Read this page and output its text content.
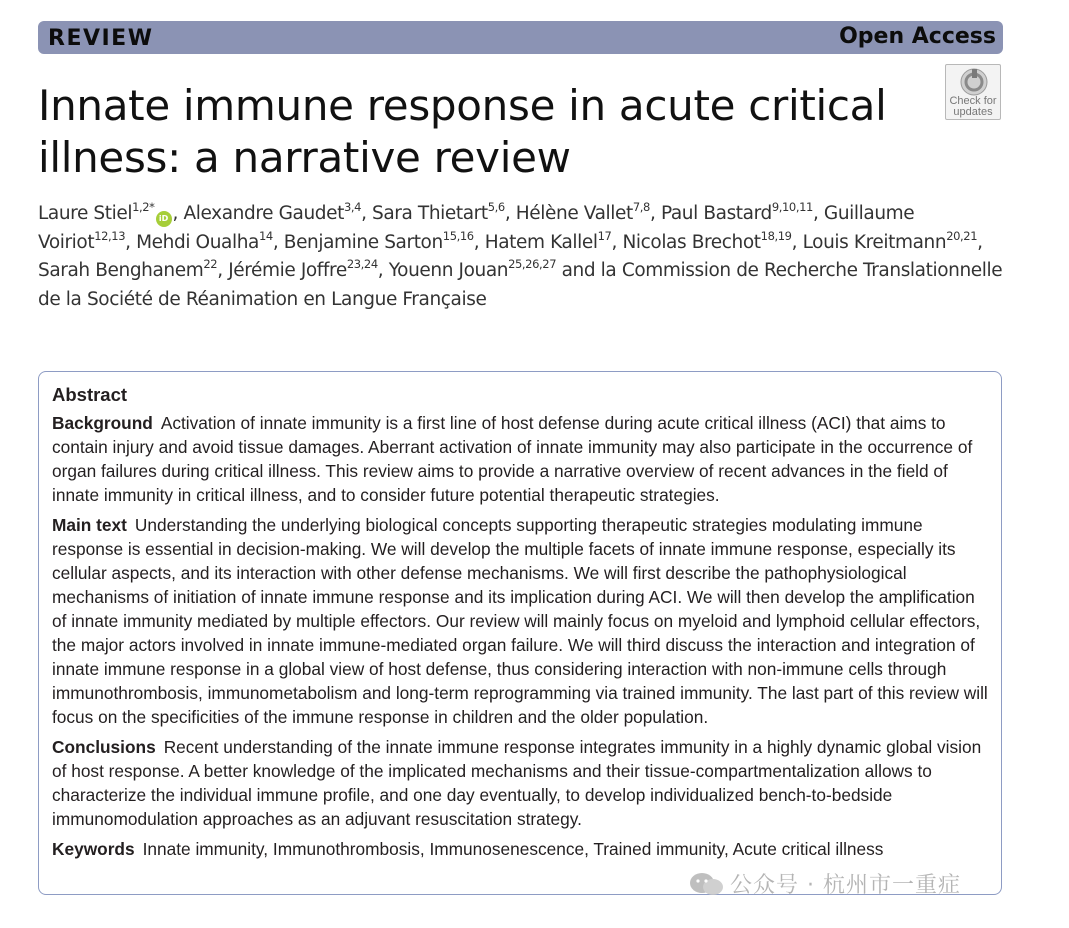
REVIEW	Open Access
Check for
updates
Innate immune response in acute critical
illness: a narrative review
Laure Stiel$^{1,2*}$iD , Alexandre Gaudet$^{3,4}$, Sara Thietart$^{5,6}$, Hélène Vallet$^{7,8}$, Paul Bastard$^{9,10,11}$, Guillaume Voiriot$^{12,13}$, Mehdi Oualha$^{14}$, Benjamine Sarton$^{15,16}$, Hatem Kallel$^{17}$, Nicolas Brechot$^{18,19}$, Louis Kreitmann$^{20,21}$, Sarah Benghanem$^{22}$, Jérémie Joffre$^{23,24}$, Youenn Jouan$^{25,26,27}$ and la Commission de Recherche Translationnelle de la Société de Réanimation en Langue Française
Abstract

Background Activation of innate immunity is a first line of host defense during acute critical illness (ACI) that aims to contain injury and avoid tissue damages. Aberrant activation of innate immunity may also participate in the occurrence of organ failures during critical illness. This review aims to provide a narrative overview of recent advances in the field of innate immunity in critical illness, and to consider future potential therapeutic strategies.

Main text Understanding the underlying biological concepts supporting therapeutic strategies modulating immune response is essential in decision-making. We will develop the multiple facets of innate immune response, especially its cellular aspects, and its interaction with other defense mechanisms. We will first describe the pathophysiological mechanisms of initiation of innate immune response and its implication during ACI. We will then develop the amplification of innate immunity mediated by multiple effectors. Our review will mainly focus on myeloid and lymphoid cellular effectors, the major actors involved in innate immune-mediated organ failure. We will third discuss the interaction and integration of innate immune response in a global view of host defense, thus considering interaction with non-immune cells through immunothrombosis, immunometabolism and long-term reprogramming via trained immunity. The last part of this review will focus on the specificities of the immune response in children and the older population.

Conclusions Recent understanding of the innate immune response integrates immunity in a highly dynamic global vision of host response. A better knowledge of the implicated mechanisms and their tissue-compartmentalization allows to characterize the individual immune profile, and one day eventually, to develop individualized bench-to-bedside immunomodulation approaches as an adjuvant resuscitation strategy.

Keywords Innate immunity, Immunothrombosis, Immunosenescence, Trained immunity, Acute critical illness

公众号 · 杭州市一重症
